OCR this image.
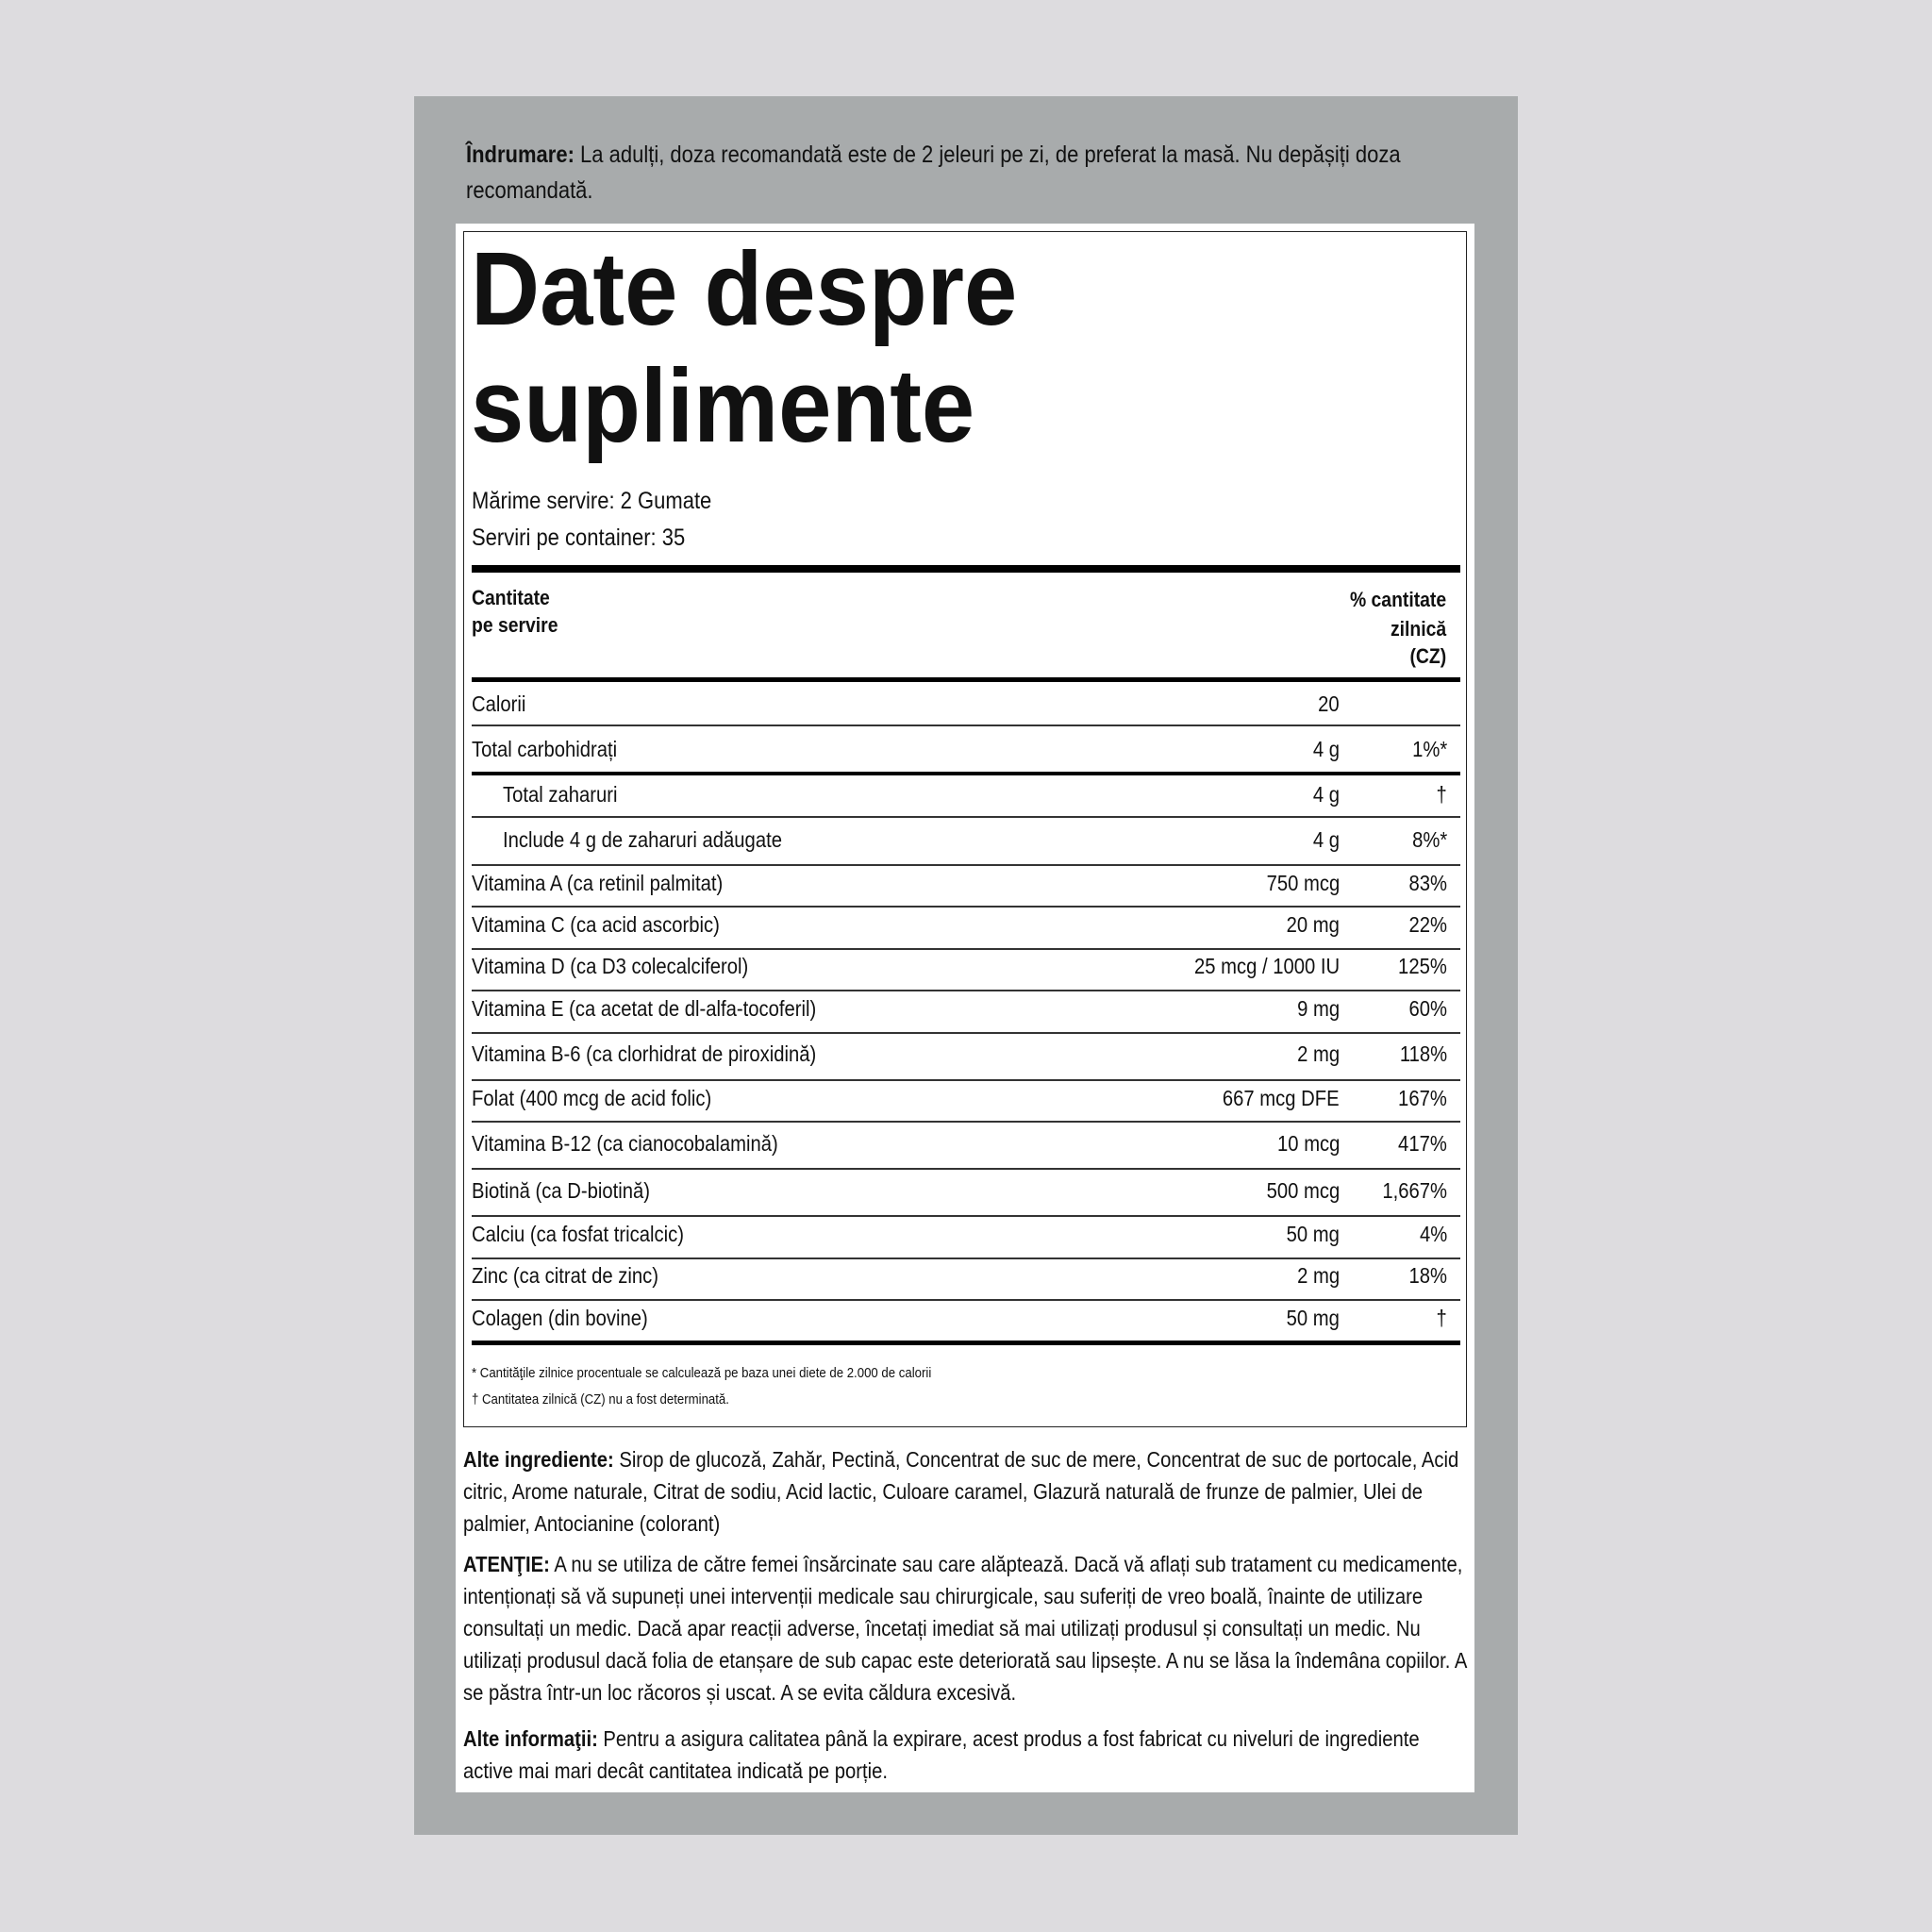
Îndrumare: La adulți, doza recomandată este de 2 jeleuri pe zi, de preferat la masă. Nu depășiți doza recomandată.
Date despre
suplimente
Mărime servire: 2 Gumate
Serviri pe container: 35
Cantitate
pe servire
% cantitate
zilnică
(CZ)
Calorii	20
Total carbohidrați	4 g	1%*
Total zaharuri	4 g	†
Include 4 g de zaharuri adăugate	4 g	8%*
Vitamina A (ca retinil palmitat)	750 mcg	83%
Vitamina C (ca acid ascorbic)	20 mg	22%
Vitamina D (ca D3 colecalciferol)	25 mcg / 1000 IU	125%
Vitamina E (ca acetat de dl-alfa-tocoferil)	9 mg	60%
Vitamina B-6 (ca clorhidrat de piroxidină)	2 mg	118%
Folat (400 mcg de acid folic)	667 mcg DFE	167%
Vitamina B-12 (ca cianocobalamină)	10 mcg	417%
Biotină (ca D-biotină)	500 mcg 1,667%
Calciu (ca fosfat tricalcic)	50 mg	4%
Zinc (ca citrat de zinc)	2 mg	18%
Colagen (din bovine)	50 mg	†
* Cantităţile zilnice procentuale se calculează pe baza unei diete de 2.000 de calorii
† Cantitatea zilnică (CZ) nu a fost determinată.
Alte ingrediente: Sirop de glucoză, Zahăr, Pectină, Concentrat de suc de mere, Concentrat de suc de portocale, Acid citric, Arome naturale, Citrat de sodiu, Acid lactic, Culoare caramel, Glazură naturală de frunze de palmier, Ulei de palmier, Antocianine (colorant)
ATENŢIE: A nu se utiliza de către femei însărcinate sau care alăptează. Dacă vă aflați sub tratament cu medicamente, intenționați să vă supuneți unei intervenții medicale sau chirurgicale, sau suferiți de vreo boală, înainte de utilizare consultați un medic. Dacă apar reacții adverse, încetați imediat să mai utilizați produsul și consultați un medic. Nu utilizați produsul dacă folia de etanșare de sub capac este deteriorată sau lipsește. A nu se lăsa la îndemâna copiilor. A se păstra într-un loc răcoros și uscat. A se evita căldura excesivă.
Alte informaţii: Pentru a asigura calitatea până la expirare, acest produs a fost fabricat cu niveluri de ingrediente active mai mari decât cantitatea indicată pe porție.
